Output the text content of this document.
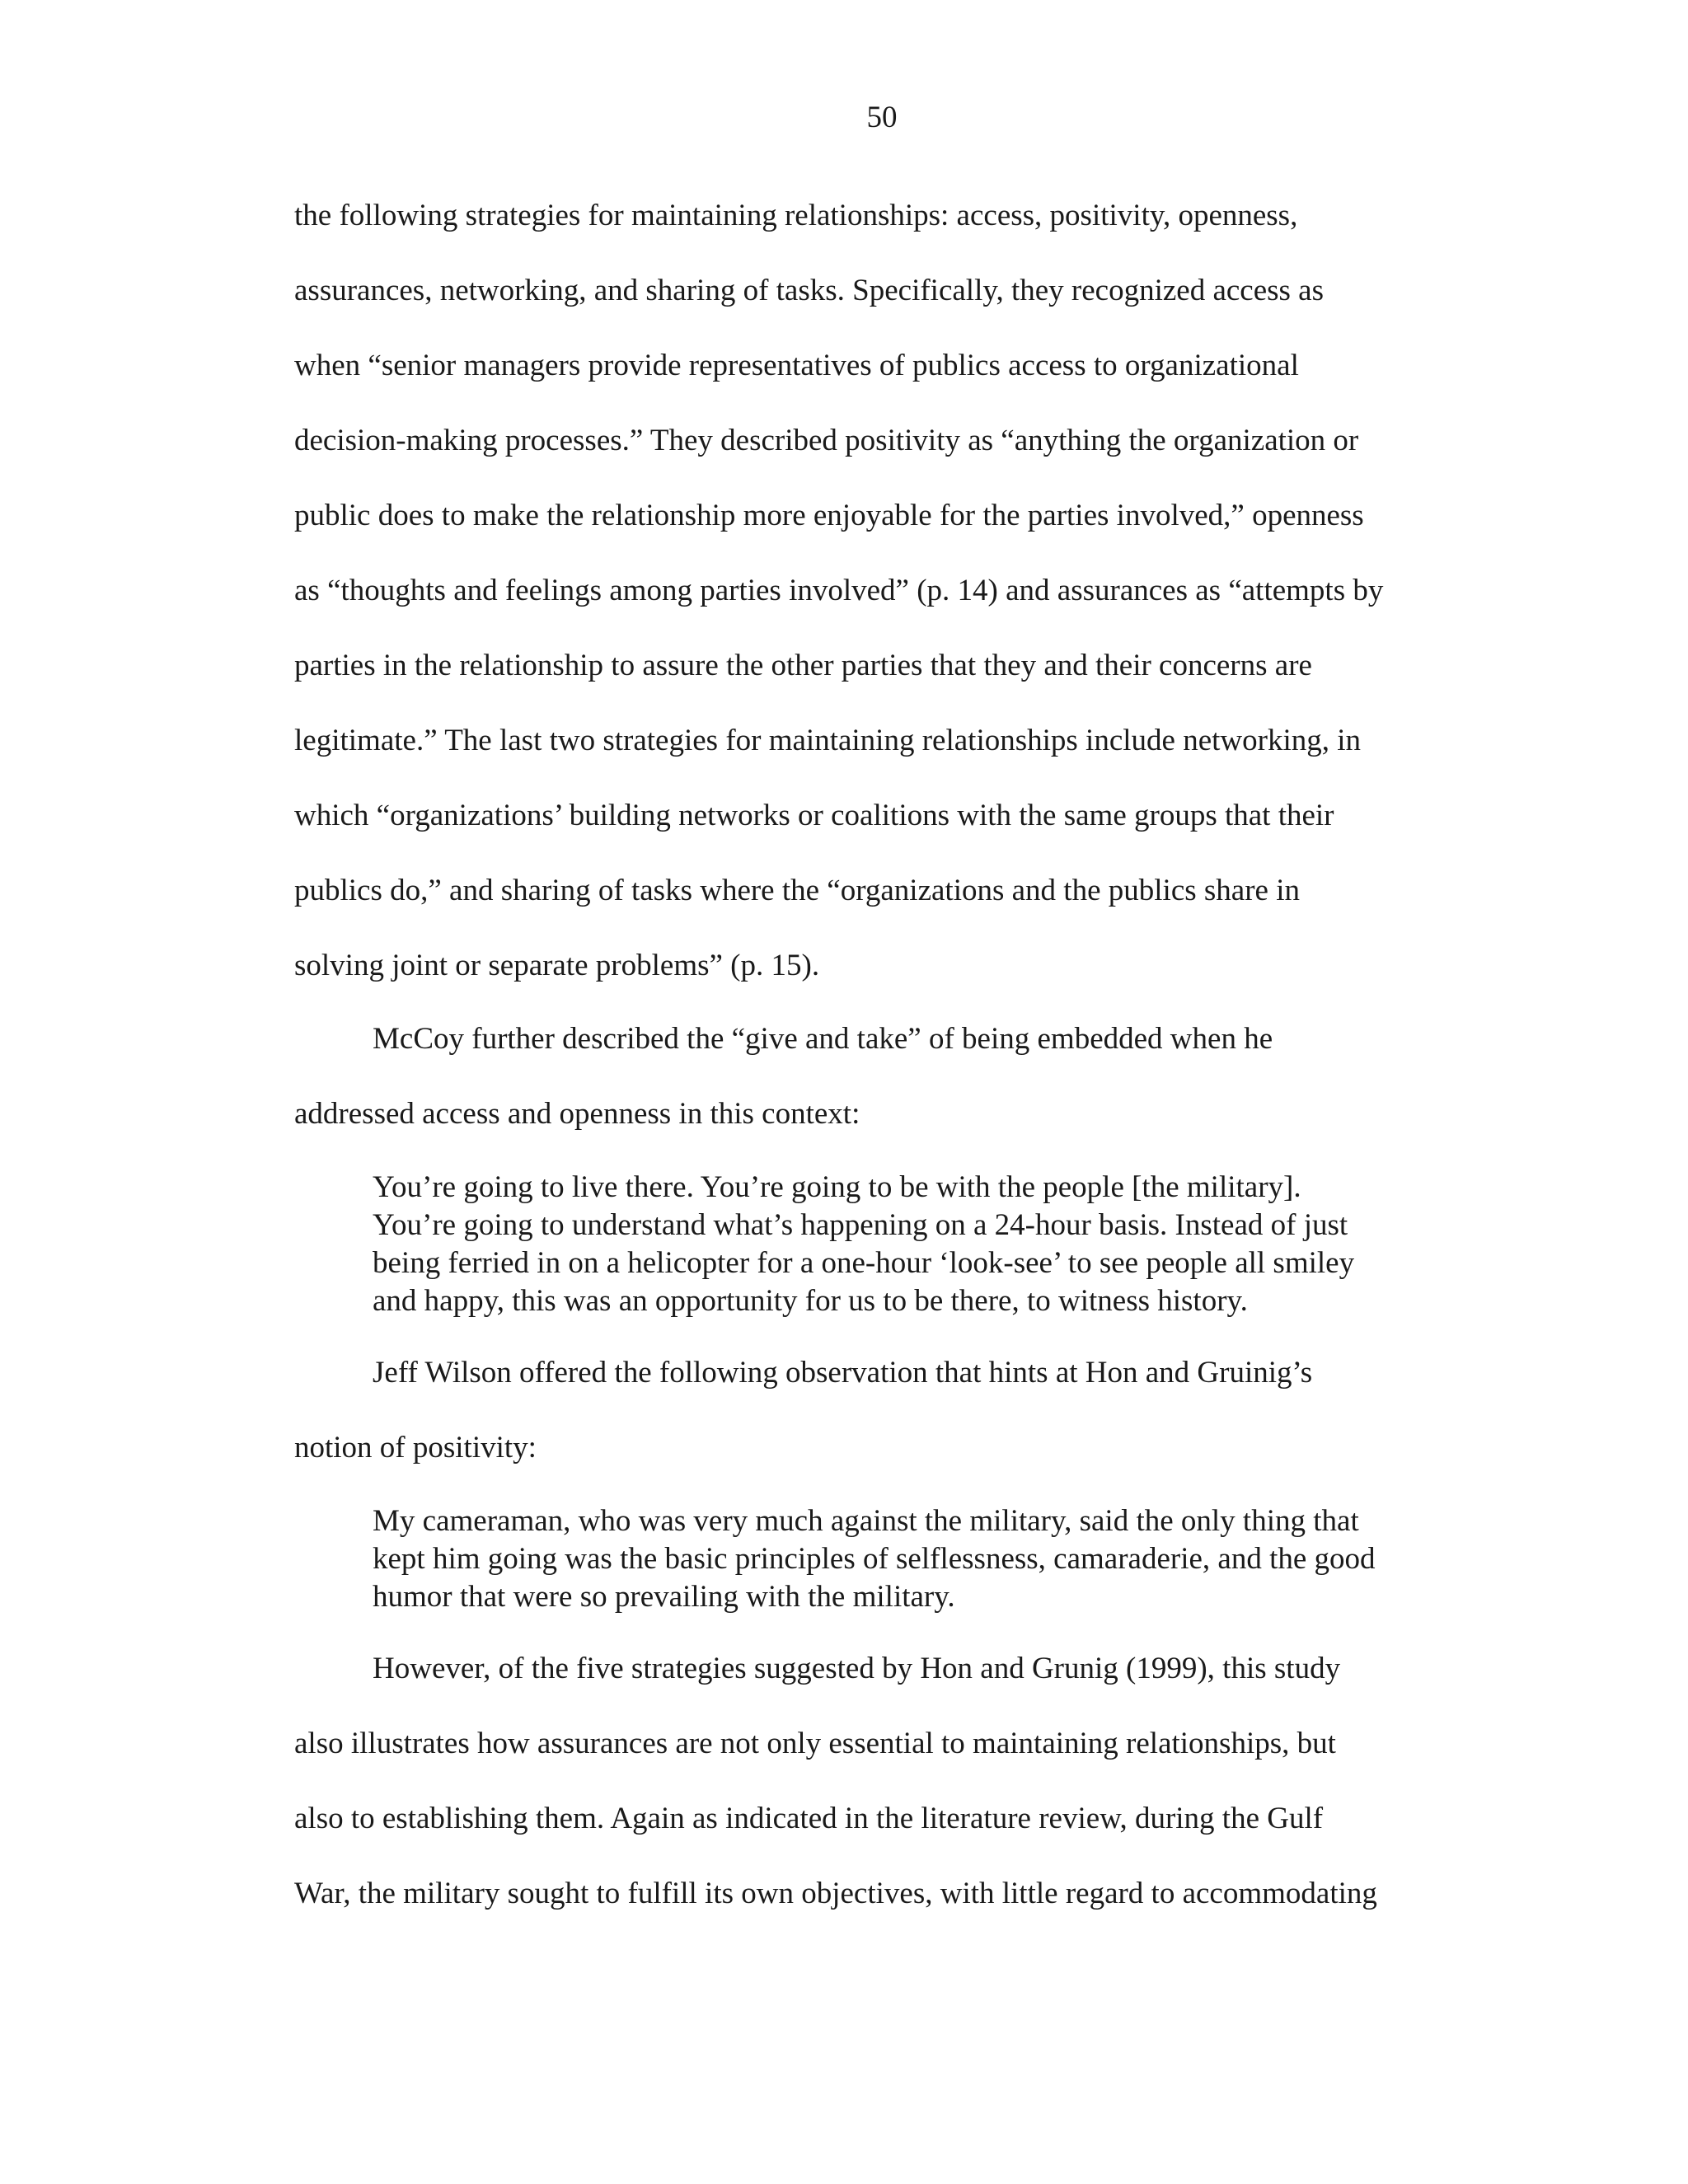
50
the following strategies for maintaining relationships: access, positivity, openness,
assurances, networking, and sharing of tasks. Specifically, they recognized access as
when “senior managers provide representatives of publics access to organizational
decision-making processes.” They described positivity as “anything the organization or
public does to make the relationship more enjoyable for the parties involved,” openness
as “thoughts and feelings among parties involved” (p. 14) and assurances as “attempts by
parties in the relationship to assure the other parties that they and their concerns are
legitimate.” The last two strategies for maintaining relationships include networking, in
which “organizations’ building networks or coalitions with the same groups that their
publics do,” and sharing of tasks where the “organizations and the publics share in
solving joint or separate problems” (p. 15).
McCoy further described the “give and take” of being embedded when he
addressed access and openness in this context:
You’re going to live there. You’re going to be with the people [the military].
You’re going to understand what’s happening on a 24-hour basis. Instead of just
being ferried in on a helicopter for a one-hour ‘look-see’ to see people all smiley
and happy, this was an opportunity for us to be there, to witness history.
Jeff Wilson offered the following observation that hints at Hon and Gruinig’s
notion of positivity:
My cameraman, who was very much against the military, said the only thing that
kept him going was the basic principles of selflessness, camaraderie, and the good
humor that were so prevailing with the military.
However, of the five strategies suggested by Hon and Grunig (1999), this study
also illustrates how assurances are not only essential to maintaining relationships, but
also to establishing them. Again as indicated in the literature review, during the Gulf
War, the military sought to fulfill its own objectives, with little regard to accommodating
